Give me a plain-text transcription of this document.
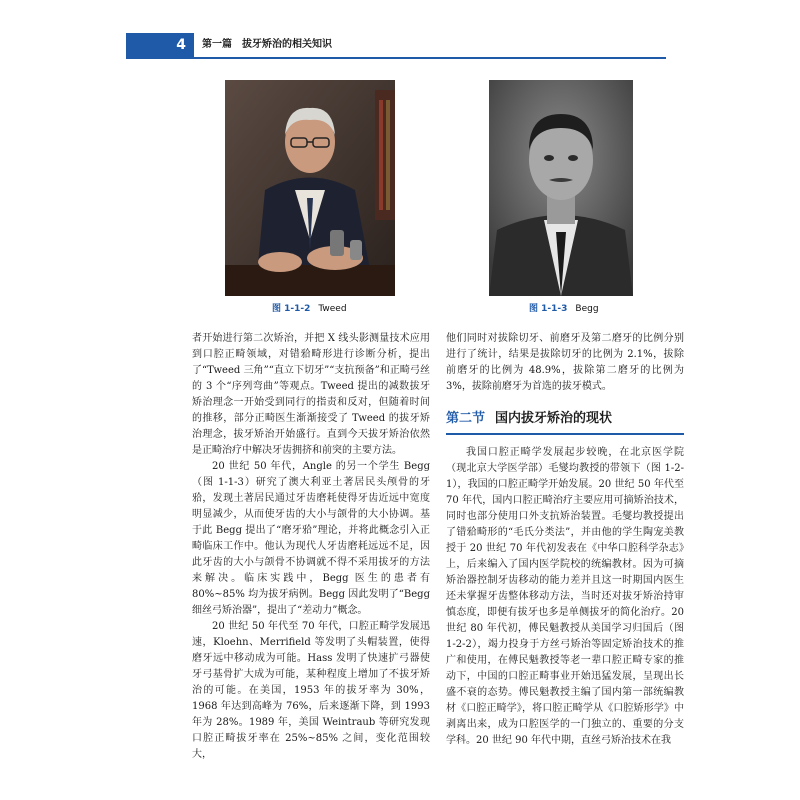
4	第一篇　拔牙矫治的相关知识
图 1-1-2 Tweed	图 1-1-3 Begg

者开始进行第二次矫治，并把 X 线头影测量技术应用到口腔正畸领域，对错𬌗畸形进行诊断分析，提出了“Tweed 三角”“直立下切牙”“支抗预备”和正畸弓丝的 3 个“序列弯曲”等观点。Tweed 提出的减数拔牙矫治理念一开始受到同行的指责和反对，但随着时间的推移，部分正畸医生渐渐接受了 Tweed 的拔牙矫治理念，拔牙矫治开始盛行。直到今天拔牙矫治依然是正畸治疗中解决牙齿拥挤和前突的主要方法。

20 世纪 50 年代，Angle 的另一个学生 Begg（图 1-1-3）研究了澳大利亚土著居民头颅骨的牙𬌗，发现土著居民通过牙齿磨耗使得牙齿近远中宽度明显减少，从而使牙齿的大小与颌骨的大小协调。基于此 Begg 提出了“磨牙𬌗”理论，并将此概念引入正畸临床工作中。他认为现代人牙齿磨耗远远不足，因此牙齿的大小与颌骨不协调就不得不采用拔牙的方法来解决。临床实践中，Begg 医生的患者有 80%~85% 均为拔牙病例。Begg 因此发明了“Begg 细丝弓矫治器”，提出了“差动力”概念。

20 世纪 50 年代至 70 年代，口腔正畸学发展迅速，Kloehn、Merrifield 等发明了头帽装置，使得磨牙远中移动成为可能。Hass 发明了快速扩弓器使牙弓基骨扩大成为可能，某种程度上增加了不拔牙矫治的可能。在美国，1953 年的拔牙率为 30%，1968 年达到高峰为 76%，后来逐渐下降，到 1993 年为 28%。1989 年，美国 Weintraub 等研究发现口腔正畸拔牙率在 25%~85% 之间，变化范围较大，

他们同时对拔除切牙、前磨牙及第二磨牙的比例分别进行了统计，结果是拔除切牙的比例为 2.1%，拔除前磨牙的比例为 48.9%，拔除第二磨牙的比例为 3%，拔除前磨牙为首选的拔牙模式。

第二节 国内拔牙矫治的现状

我国口腔正畸学发展起步较晚，在北京医学院（现北京大学医学部）毛燮均教授的带领下（图 1-2-1），我国的口腔正畸学开始发展。20 世纪 50 年代至 70 年代，国内口腔正畸治疗主要应用可摘矫治技术，同时也部分使用口外支抗矫治装置。毛燮均教授提出了错𬌗畸形的“毛氏分类法”，并由他的学生陶宠美教授于 20 世纪 70 年代初发表在《中华口腔科学杂志》上，后来编入了国内医学院校的统编教材。因为可摘矫治器控制牙齿移动的能力差并且这一时期国内医生还未掌握牙齿整体移动方法，当时还对拔牙矫治持审慎态度，即便有拔牙也多是单侧拔牙的简化治疗。20 世纪 80 年代初，傅民魁教授从美国学习归国后（图 1-2-2），竭力投身于方丝弓矫治等固定矫治技术的推广和使用，在傅民魁教授等老一辈口腔正畸专家的推动下，中国的口腔正畸事业开始迅猛发展，呈现出长盛不衰的态势。傅民魁教授主编了国内第一部统编教材《口腔正畸学》，将口腔正畸学从《口腔矫形学》中剥离出来，成为口腔医学的一门独立的、重要的分支学科。20 世纪 90 年代中期，直丝弓矫治技术在我
